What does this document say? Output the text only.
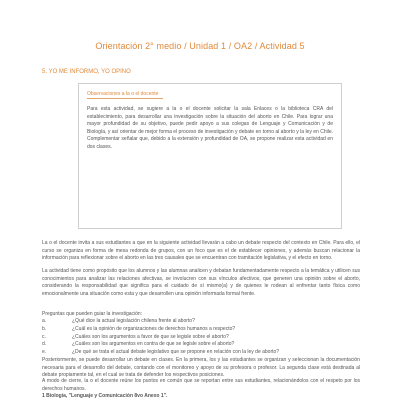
Orientación 2° medio / Unidad 1 / OA2 / Actividad 5
5. YO ME INFORMO, YO OPINO
Observaciones a la o el docente
Para esta actividad, se sugiere a la o el docente solicitar la sala Enlaces o la biblioteca CRA del establecimiento, para desarrollar una investigación sobre la situación del aborto en Chile. Para lograr una mayor profundidad de su objetivo, puede pedir apoyo a sus colegas de Lenguaje y Comunicación y de Biología, y así orientar de mejor forma el proceso de investigación y debate en torno al aborto y la ley en Chile. Complementar señalar que, debido a la extensión y profundidad de OA, se propone realizar esta actividad en dos clases.

La o el docente invita a sus estudiantes a que en la siguiente actividad llevarán a cabo un debate respecto del contexto en Chile. Para ello, el curso se organiza en forma de mesa redonda de grupos, con un foco que es el de establecer opiniones, y además buscan relacionar la información para reflexionar sobre el aborto en las tres causales que se encuentran con tramitación legislativa, y el efecto en torno.

La actividad tiene como propósito que los alumnos y las alumnas analicen y debatan fundamentadamente respecto a la temática y utilicen sus conocimientos para analizar las relaciones afectivas, se involucren con sus vínculos afectivos, que generen una opinión sobre el aborto, considerando la responsabilidad que significa para el cuidado de sí mismo(a) y de quienes le rodean al enfrentar tanto física como emocionalmente una situación como esta y que desarrollen una opinión informada formal frente.

Preguntas que pueden guiar la investigación:

a.	¿Qué dice la actual legislación chilena frente al aborto?
b.	¿Cuál es la opinión de organizaciones de derechos humanos a respecto?
c.	¿Cuáles son los argumentos a favor de que se legisle sobre el aborto?
d.	¿Cuáles son los argumentos en contra de que se legisle sobre el aborto?
e.	¿De qué se trata el actual debate legislativo que se propone en relación con la ley de aborto?

Posteriormente, se puede desarrollar un debate en clases. En la primera, los y las estudiantes se organizan y seleccionan la documentación necesaria para el desarrollo del debate, contando con el monitoreo y apoyo de su profesora o profesor. La segunda clase está destinada al debate propiamente tal, en el cual se trata de defender los respectivos posiciones.

A modo de cierre, la o el docente reúne los puntos en común que se reportan entre sus estudiantes, relacionándolos con el respeto por los derechos humanos.

1 Biología, "Lenguaje y Comunicación 8vo Anexo 1".
